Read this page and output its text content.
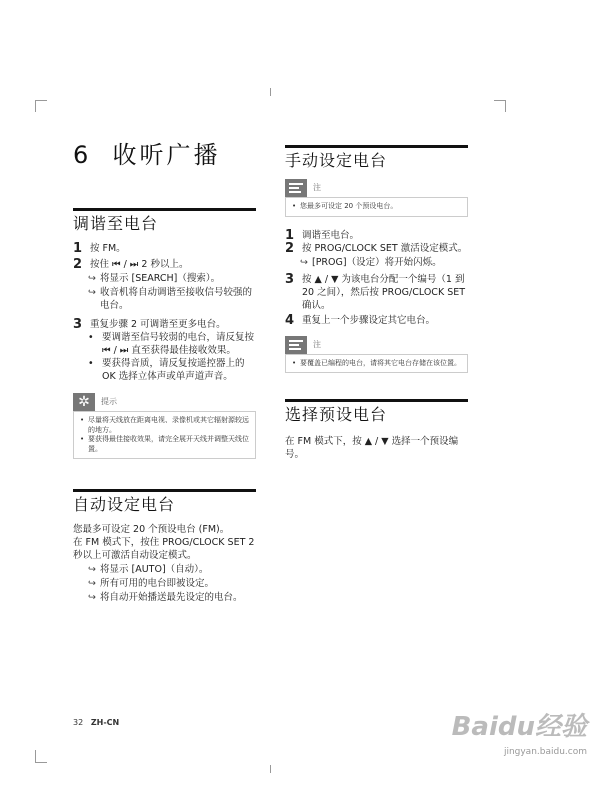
6 收听广播
调谐至电台
1 按 FM。
2 按住 ⏮ / ⏭ 2 秒以上。
↪ 将显示 [SEARCH]（搜索）。
↪ 收音机将自动调谐至接收信号较强的电台。
3 重复步骤 2 可调谐至更多电台。
• 要调谐至信号较弱的电台，请反复按 ⏮ / ⏭ 直至获得最佳接收效果。
• 要获得音质，请反复按遥控器上的 OK 选择立体声或单声道声音。
✲	提示
• 尽量将天线放在距离电视、录像机或其它辐射源较远的地方。
• 要获得最佳接收效果，请完全展开天线并调整天线位置。
自动设定电台
您最多可设定 20 个预设电台 (FM)。
在 FM 模式下，按住 PROG/CLOCK SET 2 秒以上可激活自动设定模式。
↪ 将显示 [AUTO]（自动）。
↪ 所有可用的电台即被设定。
↪ 将自动开始播送最先设定的电台。
手动设定电台
注
• 您最多可设定 20 个预设电台。
1 调谐至电台。
2 按 PROG/CLOCK SET 激活设定模式。
↪ [PROG]（设定）将开始闪烁。
3 按 ▲ / ▼ 为该电台分配一个编号（1 到 20 之间），然后按 PROG/CLOCK SET 确认。
4 重复上一个步骤设定其它电台。
注
• 要覆盖已编程的电台，请将其它电台存储在该位置。
选择预设电台
在 FM 模式下，按 ▲ / ▼ 选择一个预设编号。
32 ZH-CN	Baidu经验
jingyan.baidu.com
